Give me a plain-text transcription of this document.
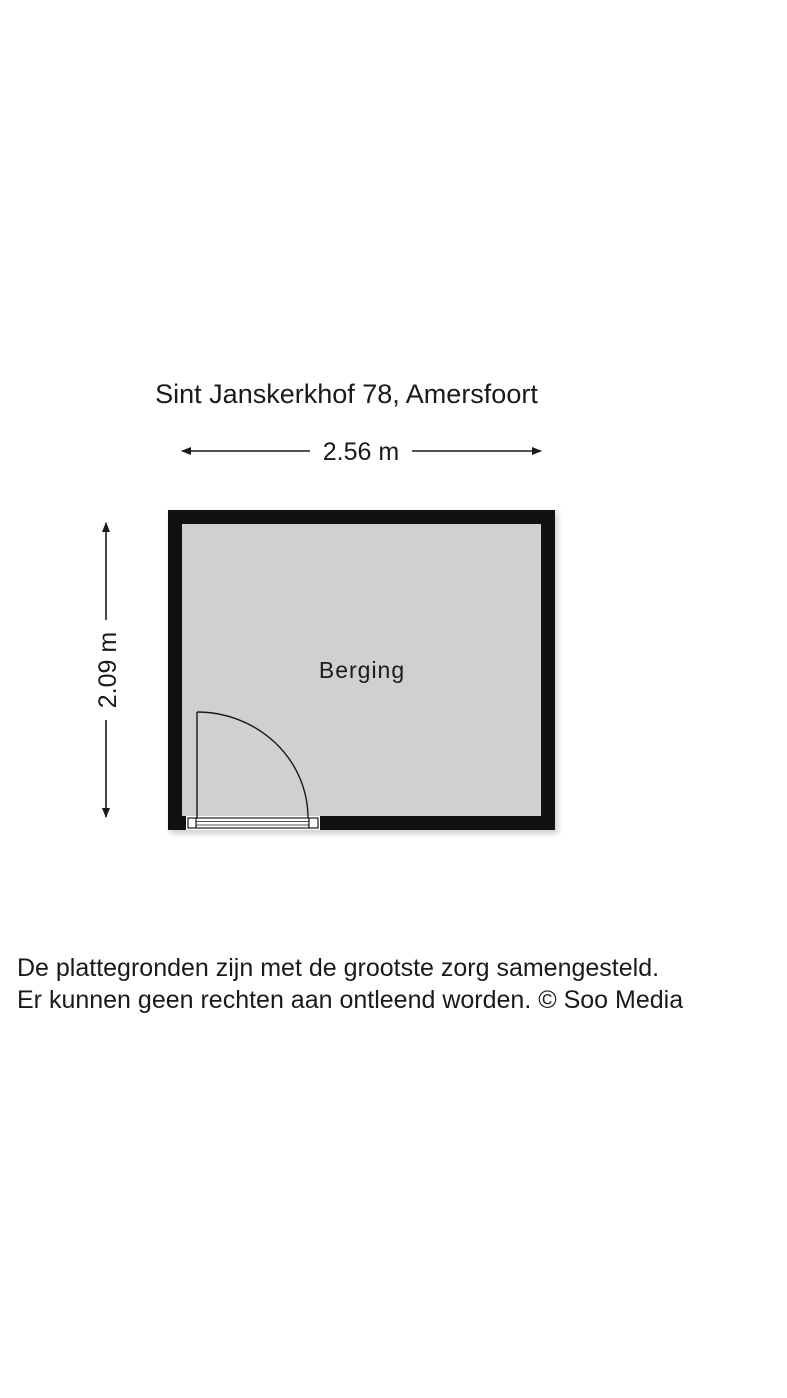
Sint Janskerkhof 78, Amersfoort
2.56 m
2.09 m	Berging
De plattegronden zijn met de grootste zorg samengesteld.
Er kunnen geen rechten aan ontleend worden. © Soo Media
